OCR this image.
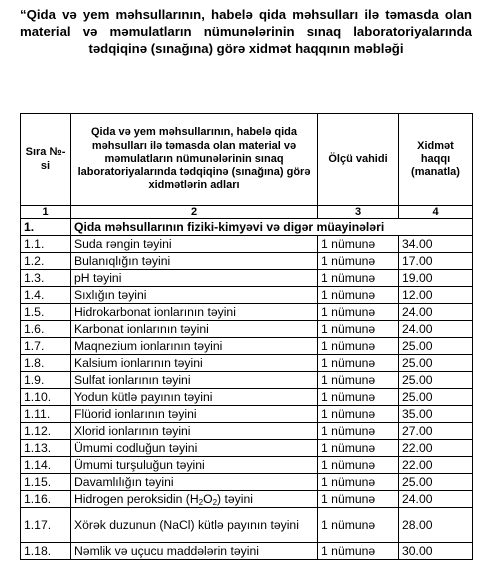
“Qida və yem məhsullarının, habelə qida məhsulları ilə təmasda olan material və məmulatların nümunələrinin sınaq laboratoriyalarında tədqiqinə (sınağına) görə xidmət haqqının məbləği
Sıra №-si	Qida və yem məhsullarının, habelə qida məhsulları ilə təmasda olan material və məmulatların nümunələrinin sınaq laboratoriyalarında tədqiqinə (sınağına) görə xidmətlərin adları	Ölçü vahidi	Xidmət haqqı (manatla)
1	2	3	4
1.	Qida məhsullarının fiziki-kimyəvi və digər müayinələri		
1.1.	Suda rəngin təyini	1 nümunə	34.00
1.2.	Bulanıqlığın təyini	1 nümunə	17.00
1.3.	pH təyini	1 nümunə	19.00
1.4.	Sıxlığın təyini	1 nümunə	12.00
1.5.	Hidrokarbonat ionlarının təyini	1 nümunə	24.00
1.6.	Karbonat ionlarının təyini	1 nümunə	24.00
1.7.	Maqnezium ionlarının təyini	1 nümunə	25.00
1.8.	Kalsium ionlarının təyini	1 nümunə	25.00
1.9.	Sulfat ionlarının təyini	1 nümunə	25.00
1.10.	Yodun kütlə payının təyini	1 nümunə	25.00
1.11.	Flüorid ionlarının təyini	1 nümunə	35.00
1.12.	Xlorid ionlarının təyini	1 nümunə	27.00
1.13.	Ümumi codluğun təyini	1 nümunə	22.00
1.14.	Ümumi turşuluğun təyini	1 nümunə	22.00
1.15.	Davamlılığın təyini	1 nümunə	25.00
1.16.	Hidrogen peroksidin $(H_2O_2)$ təyini	1 nümunə	24.00
1.17.	Xörək duzunun (NaCl) kütlə payının təyini	1 nümunə	28.00
1.18.	Nəmlik və uçucu maddələrin təyini	1 nümunə	30.00
